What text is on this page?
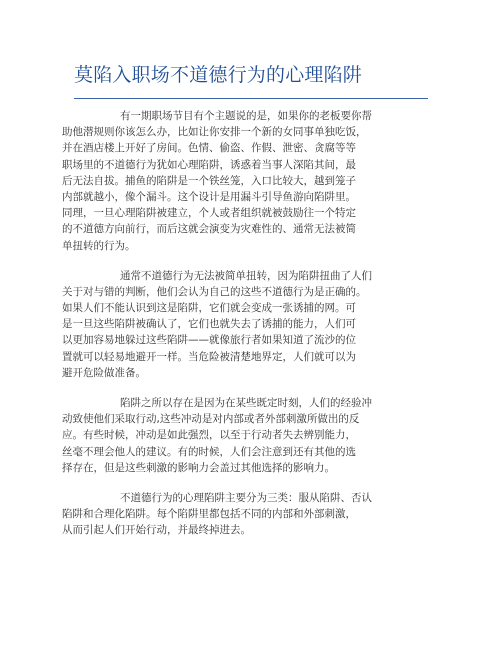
莫陷入职场不道德行为的心理陷阱
有一期职场节目有个主题说的是，如果你的老板要你帮
助他潜规则你该怎么办，比如让你安排一个新的女同事单独吃饭，
并在酒店楼上开好了房间。色情、偷盗、作假、泄密、贪腐等等
职场里的不道德行为犹如心理陷阱，诱惑着当事人深陷其间，最
后无法自拔。捕鱼的陷阱是一个铁丝笼，入口比较大，越到笼子
内部就越小，像个漏斗。这个设计是用漏斗引导鱼游向陷阱里。
同理，一旦心理陷阱被建立，个人或者组织就被鼓励往一个特定
的不道德方向前行，而后这就会演变为灾难性的、通常无法被简
单扭转的行为。
通常不道德行为无法被简单扭转，因为陷阱扭曲了人们
关于对与错的判断，他们会认为自己的这些不道德行为是正确的。
如果人们不能认识到这是陷阱，它们就会变成一张诱捕的网。可
是一旦这些陷阱被确认了，它们也就失去了诱捕的能力，人们可
以更加容易地躲过这些陷阱——就像旅行者如果知道了流沙的位
置就可以轻易地避开一样。当危险被清楚地界定，人们就可以为
避开危险做准备。
陷阱之所以存在是因为在某些既定时刻，人们的经验冲
动致使他们采取行动,这些冲动是对内部或者外部刺激所做出的反
应。有些时候，冲动是如此强烈，以至于行动者失去辨别能力，
丝毫不理会他人的建议。有的时候，人们会注意到还有其他的选
择存在，但是这些刺激的影响力会盖过其他选择的影响力。
不道德行为的心理陷阱主要分为三类：服从陷阱、否认
陷阱和合理化陷阱。每个陷阱里都包括不同的内部和外部刺激，
从而引起人们开始行动，并最终掉进去。
